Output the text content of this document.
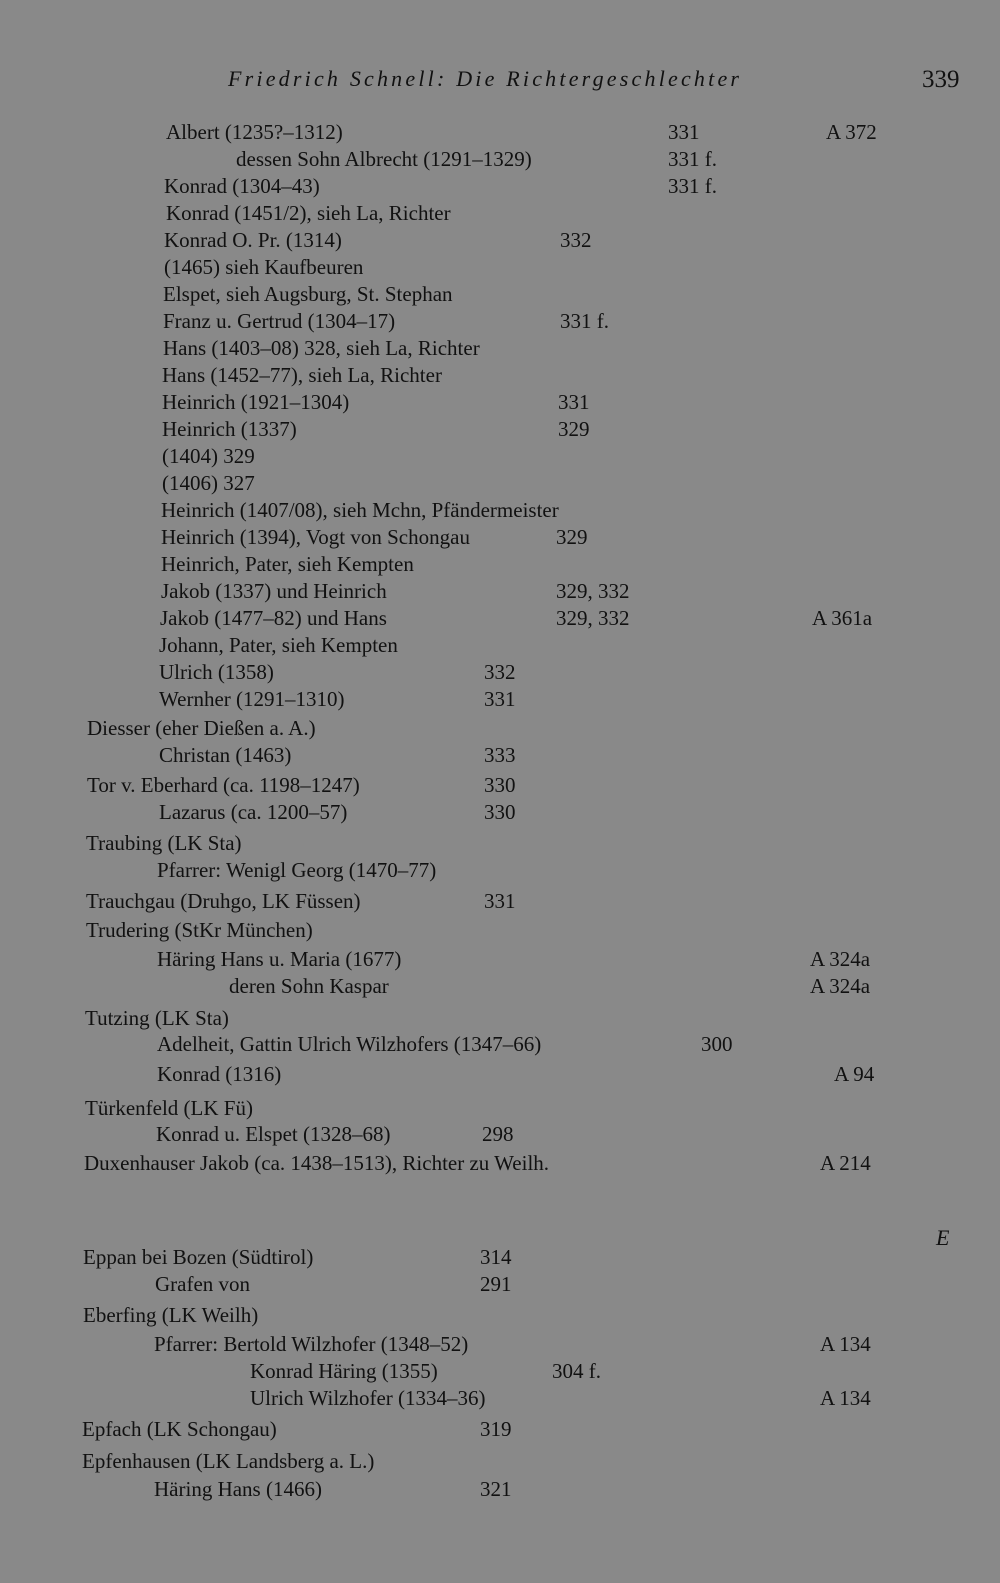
Friedrich Schnell: Die Richtergeschlechter	339
E
Albert (1235?–1312)	331	A 372
dessen Sohn Albrecht (1291–1329)	331 f.
Konrad (1304–43)	331 f.
Konrad (1451/2), sieh La, Richter
Konrad O. Pr. (1314)	332
(1465) sieh Kaufbeuren
Elspet, sieh Augsburg, St. Stephan
Franz u. Gertrud (1304–17)	331 f.
Hans (1403–08) 328, sieh La, Richter
Hans (1452–77), sieh La, Richter
Heinrich (1921–1304)	331
Heinrich (1337)	329
(1404) 329
(1406) 327
Heinrich (1407/08), sieh Mchn, Pfändermeister
Heinrich (1394), Vogt von Schongau	329
Heinrich, Pater, sieh Kempten
Jakob (1337) und Heinrich	329, 332
Jakob (1477–82) und Hans	329, 332	A 361a
Johann, Pater, sieh Kempten
Ulrich (1358)	332
Wernher (1291–1310)	331
Diesser (eher Dießen a. A.)
Christan (1463)	333
Tor v. Eberhard (ca. 1198–1247)	330
Lazarus (ca. 1200–57)	330
Traubing (LK Sta)
Pfarrer: Wenigl Georg (1470–77)
Trauchgau (Druhgo, LK Füssen)	331
Trudering (StKr München)
Häring Hans u. Maria (1677)	A 324a
deren Sohn Kaspar	A 324a
Tutzing (LK Sta)
Adelheit, Gattin Ulrich Wilzhofers (1347–66)	300
Konrad (1316)	A 94
Türkenfeld (LK Fü)
Konrad u. Elspet (1328–68)	298
Duxenhauser Jakob (ca. 1438–1513), Richter zu Weilh.	A 214
Eppan bei Bozen (Südtirol)	314
Grafen von	291
Eberfing (LK Weilh)
Pfarrer: Bertold Wilzhofer (1348–52)	A 134
Konrad Häring (1355)	304 f.
Ulrich Wilzhofer (1334–36)	A 134
Epfach (LK Schongau)	319
Epfenhausen (LK Landsberg a. L.)
Häring Hans (1466)	321
